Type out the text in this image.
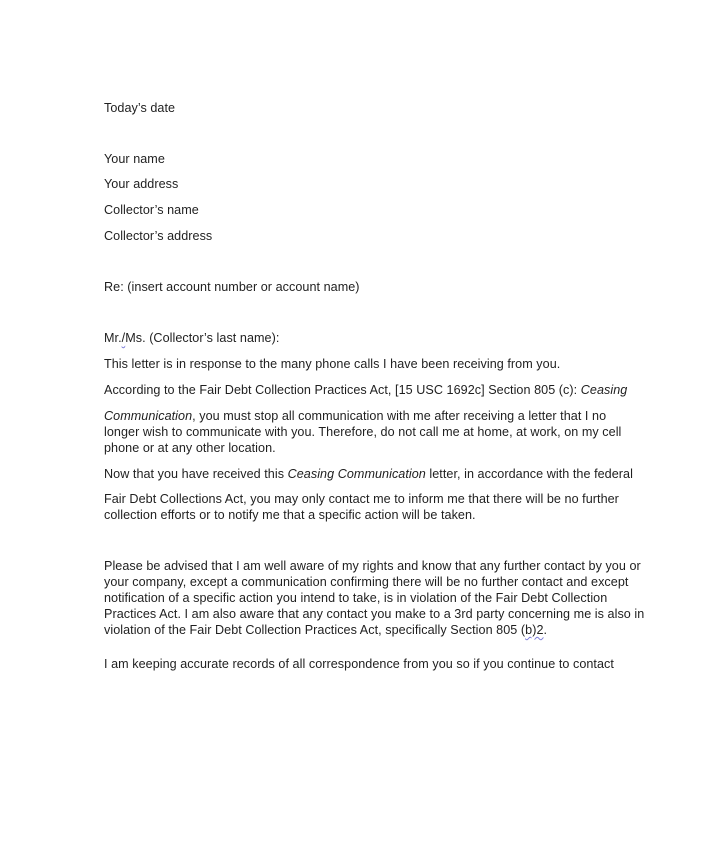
Today’s date
Your name
Your address
Collector’s name
Collector’s address
Re: (insert account number or account name)
Mr./Ms. (Collector’s last name):
This letter is in response to the many phone calls I have been receiving from you.
According to the Fair Debt Collection Practices Act, [15 USC 1692c] Section 805 (c): Ceasing
Communication, you must stop all communication with me after receiving a letter that I no
longer wish to communicate with you. Therefore, do not call me at home, at work, on my cell
phone or at any other location.
Now that you have received this Ceasing Communication letter, in accordance with the federal
Fair Debt Collections Act, you may only contact me to inform me that there will be no further
collection efforts or to notify me that a specific action will be taken.
Please be advised that I am well aware of my rights and know that any further contact by you or
your company, except a communication confirming there will be no further contact and except
notification of a specific action you intend to take, is in violation of the Fair Debt Collection
Practices Act. I am also aware that any contact you make to a 3rd party concerning me is also in
violation of the Fair Debt Collection Practices Act, specifically Section 805 (b)2.
I am keeping accurate records of all correspondence from you so if you continue to contact
